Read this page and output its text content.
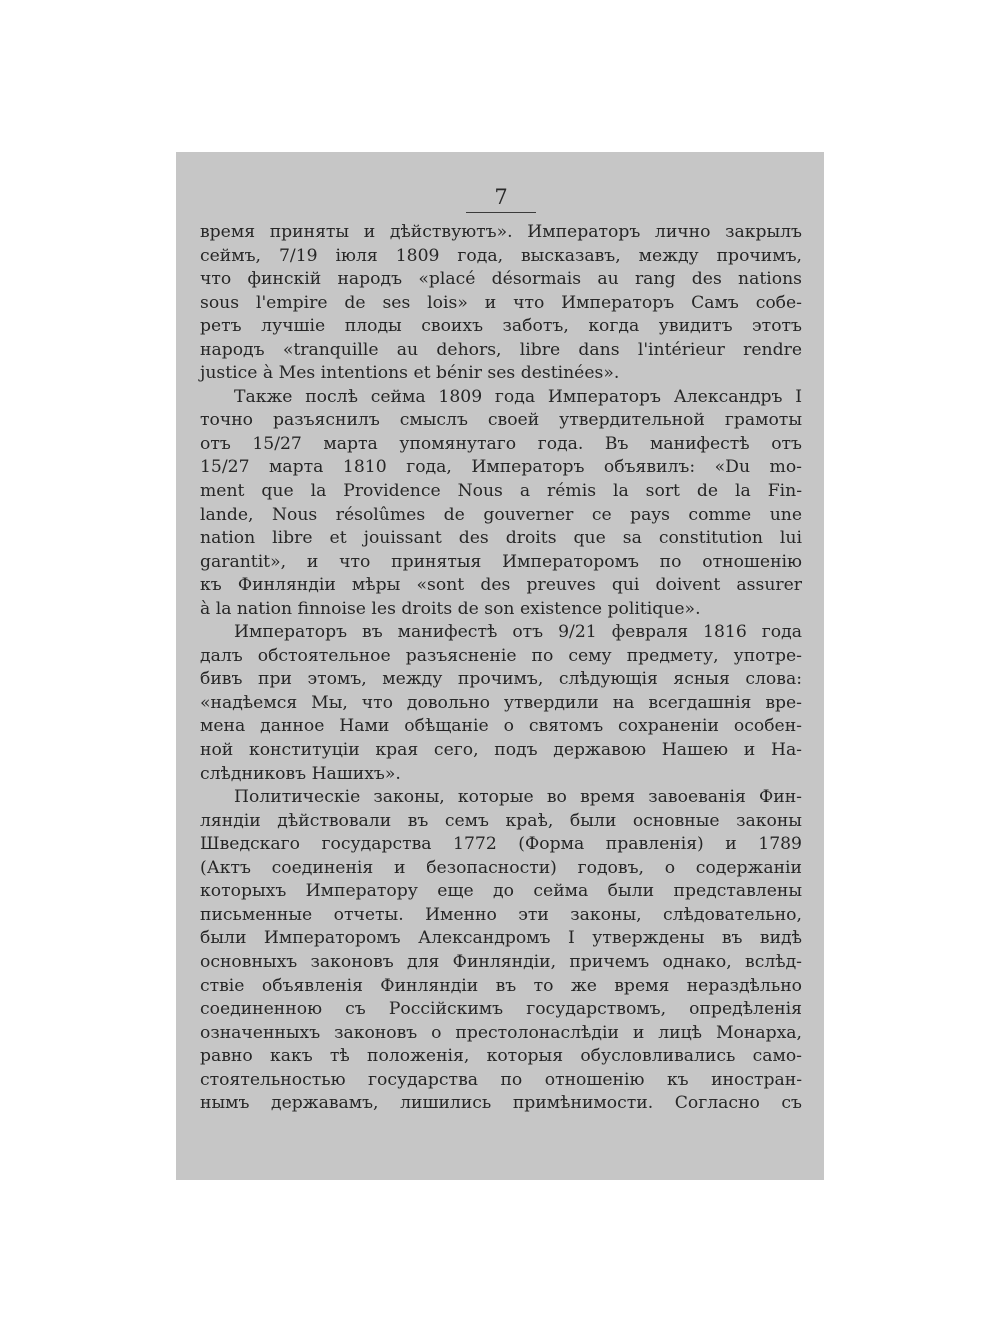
7
время приняты и дѣйствуютъ». Императоръ лично закрылъ
сеймъ, 7/19 іюля 1809 года, высказавъ, между прочимъ,
что финскій народъ «placé désormais au rang des nations
sous l'empire de ses lois» и что Императоръ Самъ собе-
ретъ лучшіе плоды своихъ заботъ, когда увидитъ этотъ
народъ «tranquille au dehors, libre dans l'intérieur rendre
justice à Mes intentions et bénir ses destinées».
Также послѣ сейма 1809 года Императоръ Александръ I
точно разъяснилъ смыслъ своей утвердительной грамоты
отъ 15/27 марта упомянутаго года. Въ манифестѣ отъ
15/27 марта 1810 года, Императоръ объявилъ: «Du mo-
ment que la Providence Nous a rémis la sort de la Fin-
lande, Nous résolûmes de gouverner ce pays comme une
nation libre et jouissant des droits que sa constitution lui
garantit», и что принятыя Императоромъ по отношенію
къ Финляндіи мѣры «sont des preuves qui doivent assurer
à la nation finnoise les droits de son existence politique».
Императоръ въ манифестѣ отъ 9/21 февраля 1816 года
далъ обстоятельное разъясненіе по сему предмету, употре-
бивъ при этомъ, между прочимъ, слѣдующія ясныя слова:
«надѣемся Мы, что довольно утвердили на всегдашнія вре-
мена данное Нами обѣщаніе о святомъ сохраненіи особен-
ной конституціи края сего, подъ державою Нашею и На-
слѣдниковъ Нашихъ».
Политическіе законы, которые во время завоеванія Фин-
ляндіи дѣйствовали въ семъ краѣ, были основные законы
Шведскаго государства 1772 (Форма правленія) и 1789
(Актъ соединенія и безопасности) годовъ, о содержаніи
которыхъ Императору еще до сейма были представлены
письменные отчеты. Именно эти законы, слѣдовательно,
были Императоромъ Александромъ I утверждены въ видѣ
основныхъ законовъ для Финляндіи, причемъ однако, вслѣд-
ствіе объявленія Финляндіи въ то же время нераздѣльно
соединенною съ Россійскимъ государствомъ, опредѣленія
означенныхъ законовъ о престолонаслѣдіи и лицѣ Монарха,
равно какъ тѣ положенія, которыя обусловливались само-
стоятельностью государства по отношенію къ иностран-
нымъ державамъ, лишились примѣнимости. Согласно съ
